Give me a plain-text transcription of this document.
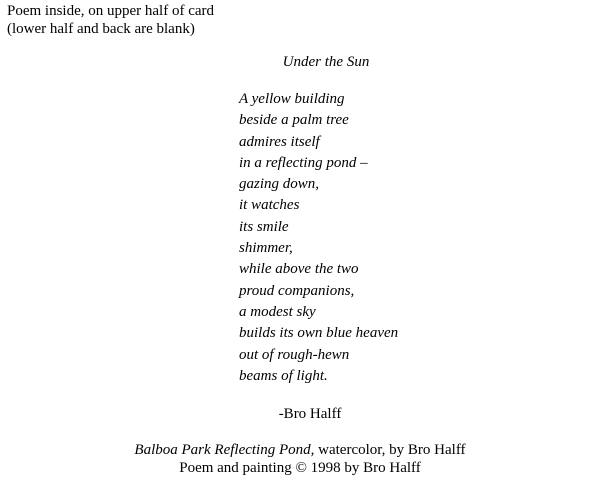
Poem inside, on upper half of card
(lower half and back are blank)
Under the Sun
A yellow building
beside a palm tree
admires itself
in a reflecting pond –
gazing down,
it watches
its smile
shimmer,
while above the two
proud companions,
a modest sky
builds its own blue heaven
out of rough-hewn
beams of light.
-Bro Halff
Balboa Park Reflecting Pond, watercolor, by Bro Halff
Poem and painting © 1998 by Bro Halff
